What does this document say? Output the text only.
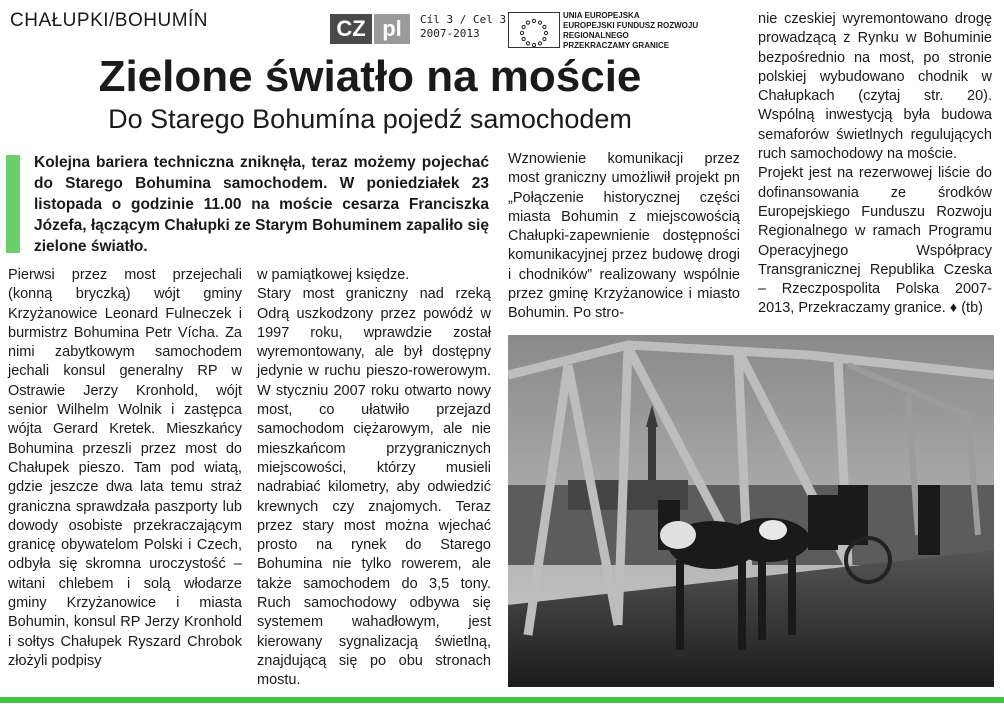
CHAŁUPKI/BOHUMÍN	CZ pl	Cíl 3 / Cel 3
2007-2013
UNIA EUROPEJSKA
EUROPEJSKI FUNDUSZ ROZWOJU REGIONALNEGO
PRZEKRACZAMY GRANICE
Zielone światło na moście
Do Starego Bohumína pojedź samochodem
Kolejna bariera techniczna zniknęła, teraz możemy pojechać do Starego Bohumina samochodem. W poniedziałek 23 listopada o godzinie 11.00 na moście cesarza Franciszka Józefa, łączącym Chałupki ze Starym Bohuminem zapaliło się zielone światło.

Pierwsi przez most przejechali (konną bryczką) wójt gminy Krzyżanowice Leonard Fulneczek i burmistrz Bohumina Petr Vícha. Za nimi zabytkowym samochodem jechali konsul generalny RP w Ostrawie Jerzy Kronhold, wójt senior Wilhelm Wolnik i zastępca wójta Gerard Kretek. Mieszkańcy Bohumina przeszli przez most do Chałupek pieszo. Tam pod wiatą, gdzie jeszcze dwa lata temu straż graniczna sprawdzała paszporty lub dowody osobiste przekraczającym granicę obywatelom Polski i Czech, odbyła się skromna uroczystość – witani chlebem i solą włodarze gminy Krzyżanowice i miasta Bohumin, konsul RP Jerzy Kronhold i sołtys Chałupek Ryszard Chrobok złożyli podpisy

w pamiątkowej księdze.

Stary most graniczny nad rzeką Odrą uszkodzony przez powódź w 1997 roku, wprawdzie został wyremontowany, ale był dostępny jedynie w ruchu pieszo-rowerowym. W styczniu 2007 roku otwarto nowy most, co ułatwiło przejazd samochodom ciężarowym, ale nie mieszkańcom przygranicznych miejscowości, którzy musieli nadrabiać kilometry, aby odwiedzić krewnych czy znajomych. Teraz przez stary most można wjechać prosto na rynek do Starego Bohumina nie tylko rowerem, ale także samochodem do 3,5 tony. Ruch samochodowy odbywa się systemem wahadłowym, jest kierowany sygnalizacją świetlną, znajdującą się po obu stronach mostu.

Wznowienie komunikacji przez most graniczny umożliwił projekt pn „Połączenie historycznej części miasta Bohumin z miejscowością Chałupki-zapewnienie dostępności komunikacyjnej przez budowę drogi i chodników” realizowany wspólnie przez gminę Krzyżanowice i miasto Bohumin. Po stro-

nie czeskiej wyremontowano drogę prowadzącą z Rynku w Bohuminie bezpośrednio na most, po stronie polskiej wybudowano chodnik w Chałupkach (czytaj str. 20). Wspólną inwestycją była budowa semaforów świetlnych regulujących ruch samochodowy na moście.

Projekt jest na rezerwowej liście do dofinansowania ze środków Europejskiego Funduszu Rozwoju Regionalnego w ramach Programu Operacyjnego Współpracy Transgranicznej Republika Czeska – Rzeczpospolita Polska 2007-2013, Przekraczamy granice. ♦ (tb)
